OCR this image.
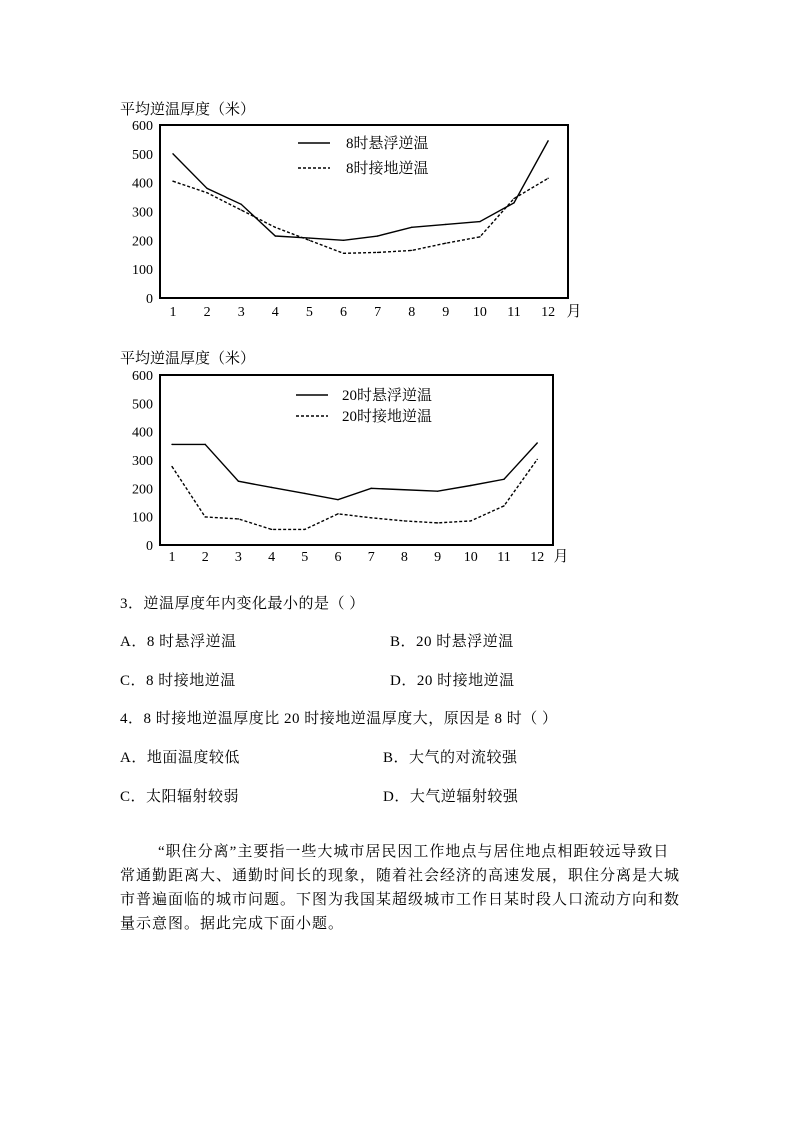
平均逆温厚度（米）
0
100
200
300
400
500
600
1 2 3 4 5 6 7 8 9 10 11 12 月
8时悬浮逆温
8时接地逆温
平均逆温厚度（米）
0
100
200
300
400
500
600
1 2 3 4 5 6 7 8 9 10 11 12 月
20时悬浮逆温
20时接地逆温
3．逆温厚度年内变化最小的是（ ）
A．8 时悬浮逆温	B．20 时悬浮逆温
C．8 时接地逆温	D．20 时接地逆温
4．8 时接地逆温厚度比 20 时接地逆温厚度大，原因是 8 时（ ）
A．地面温度较低	B．大气的对流较强
C．太阳辐射较弱	D．大气逆辐射较强
“职住分离”主要指一些大城市居民因工作地点与居住地点相距较远导致日
常通勤距离大、通勤时间长的现象，随着社会经济的高速发展，职住分离是大城
市普遍面临的城市问题。下图为我国某超级城市工作日某时段人口流动方向和数
量示意图。据此完成下面小题。
